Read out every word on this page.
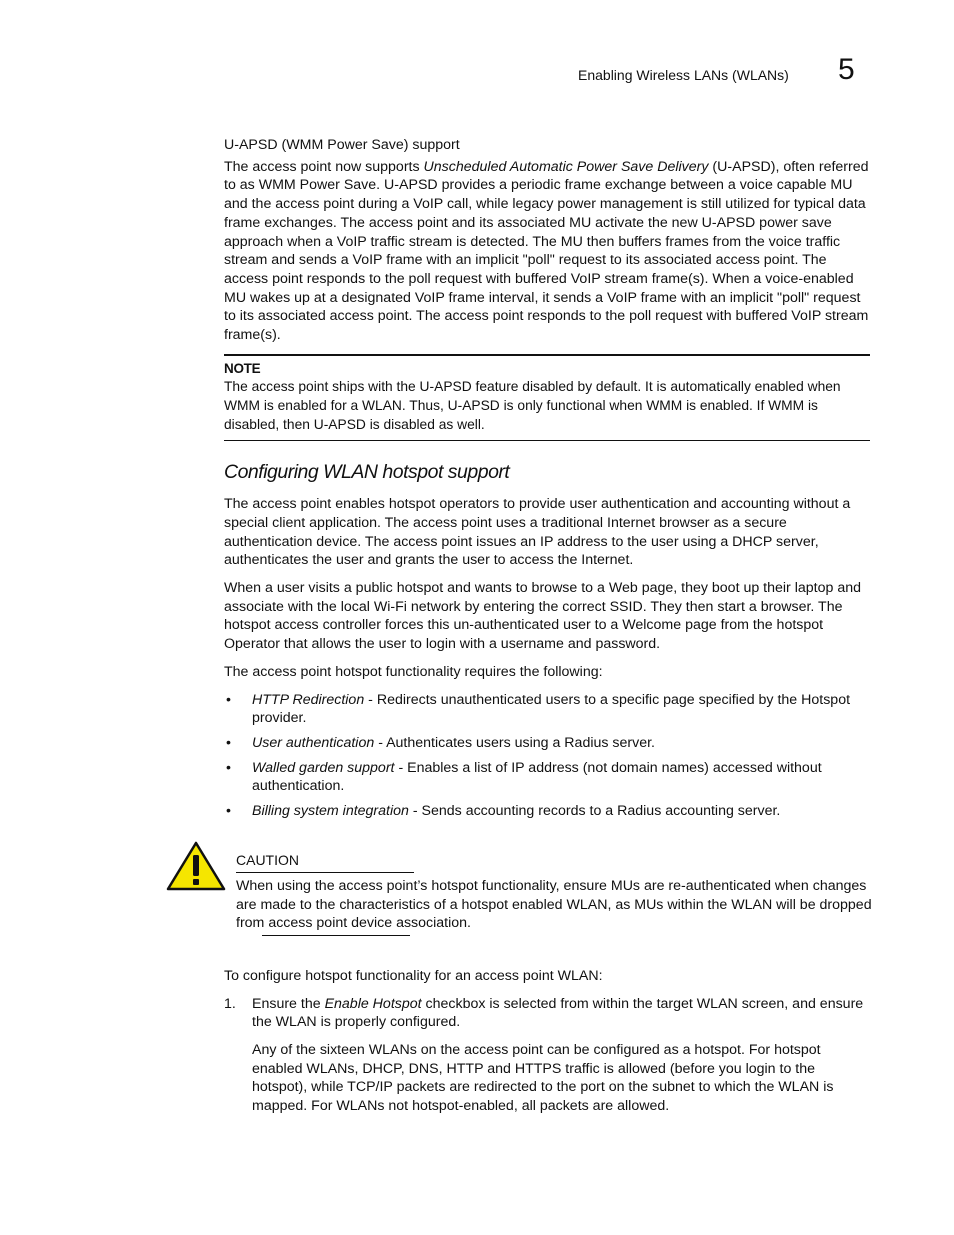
Enabling Wireless LANs (WLANs) 5
U-APSD (WMM Power Save) support

The access point now supports Unscheduled Automatic Power Save Delivery (U-APSD), often referred to as WMM Power Save. U-APSD provides a periodic frame exchange between a voice capable MU and the access point during a VoIP call, while legacy power management is still utilized for typical data frame exchanges. The access point and its associated MU activate the new U-APSD power save approach when a VoIP traffic stream is detected. The MU then buffers frames from the voice traffic stream and sends a VoIP frame with an implicit "poll" request to its associated access point. The access point responds to the poll request with buffered VoIP stream frame(s). When a voice-enabled MU wakes up at a designated VoIP frame interval, it sends a VoIP frame with an implicit "poll" request to its associated access point. The access point responds to the poll request with buffered VoIP stream frame(s).

NOTE

The access point ships with the U-APSD feature disabled by default. It is automatically enabled when WMM is enabled for a WLAN. Thus, U-APSD is only functional when WMM is enabled. If WMM is disabled, then U-APSD is disabled as well.

Configuring WLAN hotspot support

The access point enables hotspot operators to provide user authentication and accounting without a special client application. The access point uses a traditional Internet browser as a secure authentication device. The access point issues an IP address to the user using a DHCP server, authenticates the user and grants the user to access the Internet.

When a user visits a public hotspot and wants to browse to a Web page, they boot up their laptop and associate with the local Wi-Fi network by entering the correct SSID. They then start a browser. The hotspot access controller forces this un-authenticated user to a Welcome page from the hotspot Operator that allows the user to login with a username and password.

The access point hotspot functionality requires the following:

• HTTP Redirection - Redirects unauthenticated users to a specific page specified by the Hotspot provider.
• User authentication - Authenticates users using a Radius server.
• Walled garden support - Enables a list of IP address (not domain names) accessed without authentication.
• Billing system integration - Sends accounting records to a Radius accounting server.
CAUTION
When using the access point’s hotspot functionality, ensure MUs are re-authenticated when changes are made to the characteristics of a hotspot enabled WLAN, as MUs within the WLAN will be dropped from access point device association.

To configure hotspot functionality for an access point WLAN:

1. Ensure the Enable Hotspot checkbox is selected from within the target WLAN screen, and ensure the WLAN is properly configured.
Any of the sixteen WLANs on the access point can be configured as a hotspot. For hotspot enabled WLANs, DHCP, DNS, HTTP and HTTPS traffic is allowed (before you login to the hotspot), while TCP/IP packets are redirected to the port on the subnet to which the WLAN is mapped. For WLANs not hotspot-enabled, all packets are allowed.
